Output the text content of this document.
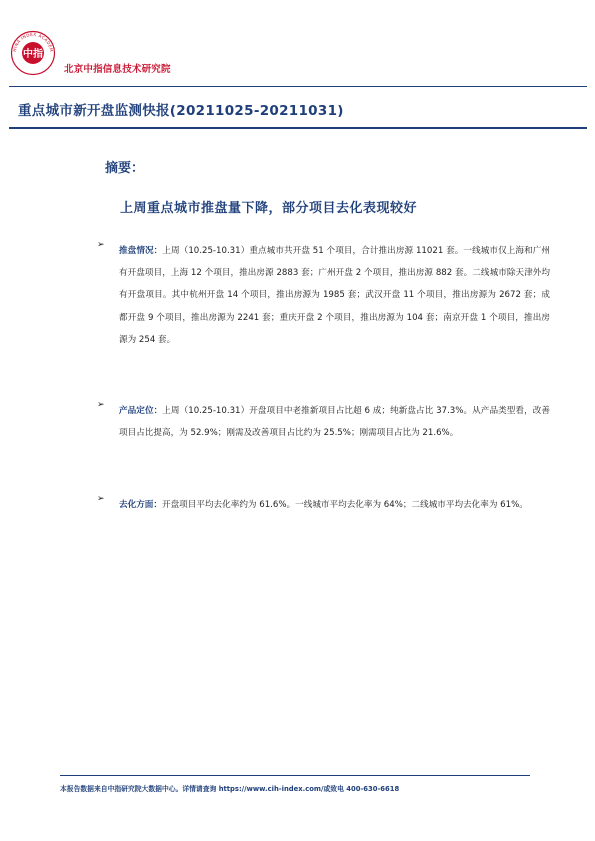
中指
HINA INDEX ACADEM
北京中指信息技术研究院
重点城市新开盘监测快报(20211025-20211031)
摘要：
上周重点城市推盘量下降，部分项目去化表现较好
➢
推盘情况：上周（10.25-10.31）重点城市共开盘 51 个项目，合计推出房源 11021 套。一线城市仅上海和广州有开盘项目，上海 12 个项目，推出房源 2883 套；广州开盘 2 个项目，推出房源 882 套。二线城市除天津外均有开盘项目。其中杭州开盘 14 个项目，推出房源为 1985 套；武汉开盘 11 个项目，推出房源为 2672 套；成都开盘 9 个项目，推出房源为 2241 套；重庆开盘 2 个项目，推出房源为 104 套；南京开盘 1 个项目，推出房源为 254 套。
➢
产品定位：上周（10.25-10.31）开盘项目中老推新项目占比超 6 成；纯新盘占比 37.3%。从产品类型看，改善项目占比提高，为 52.9%；刚需及改善项目占比约为 25.5%；刚需项目占比为 21.6%。
➢
去化方面：开盘项目平均去化率约为 61.6%。一线城市平均去化率为 64%；二线城市平均去化率为 61%。
本报告数据来自中指研究院大数据中心。详情请查询 https://www.cih-index.com/或致电 400-630-6618
